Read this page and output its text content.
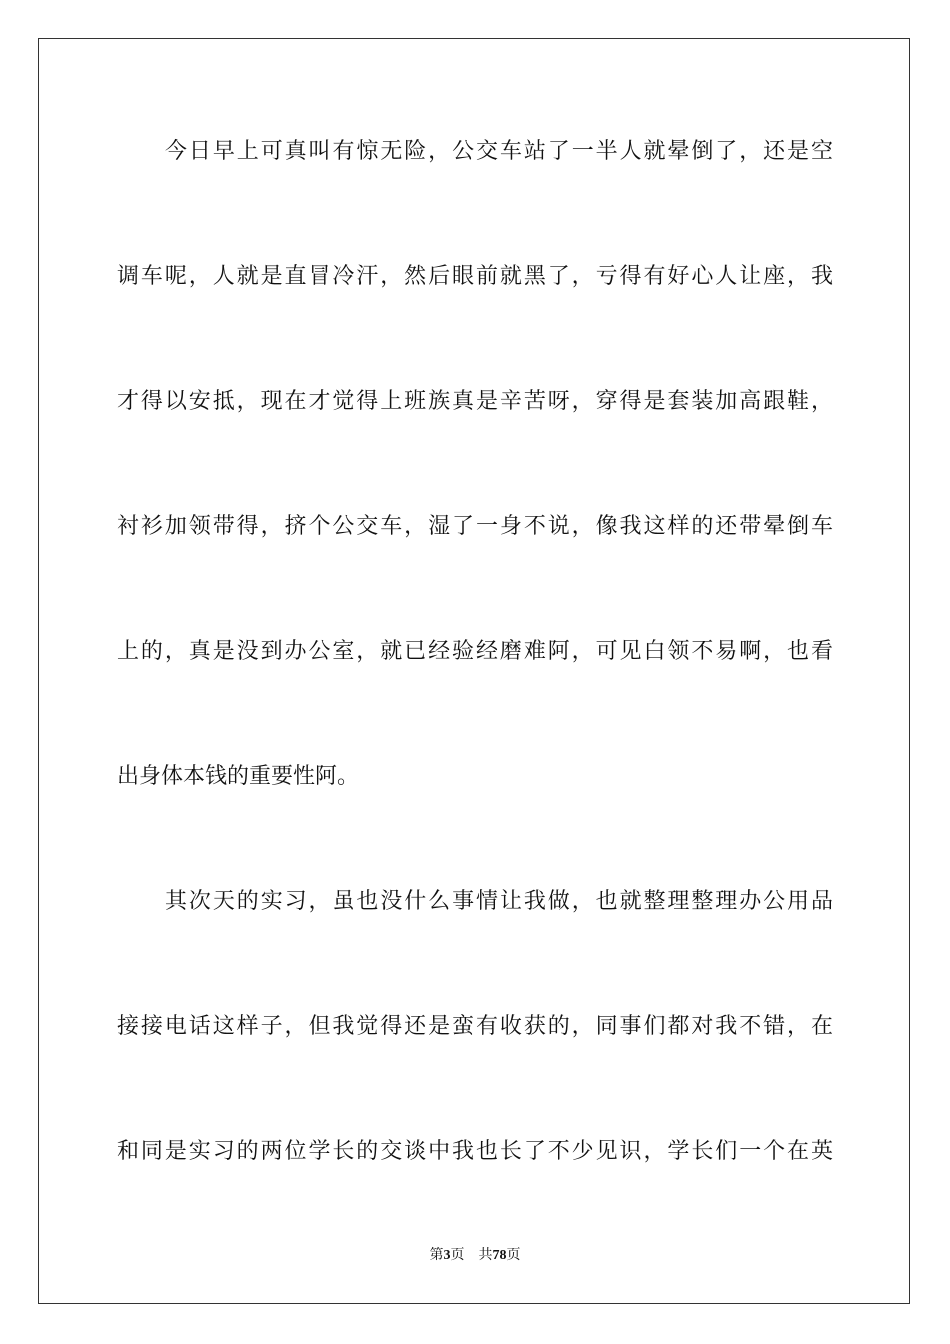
今日早上可真叫有惊无险，公交车站了一半人就晕倒了，还是空
调车呢，人就是直冒冷汗，然后眼前就黑了，亏得有好心人让座，我
才得以安抵，现在才觉得上班族真是辛苦呀，穿得是套装加高跟鞋，
衬衫加领带得，挤个公交车，湿了一身不说，像我这样的还带晕倒车
上的，真是没到办公室，就已经验经磨难阿，可见白领不易啊，也看
出身体本钱的重要性阿。
其次天的实习，虽也没什么事情让我做，也就整理整理办公用品
接接电话这样子，但我觉得还是蛮有收获的，同事们都对我不错，在
和同是实习的两位学长的交谈中我也长了不少见识，学长们一个在英
第3页 共78页
